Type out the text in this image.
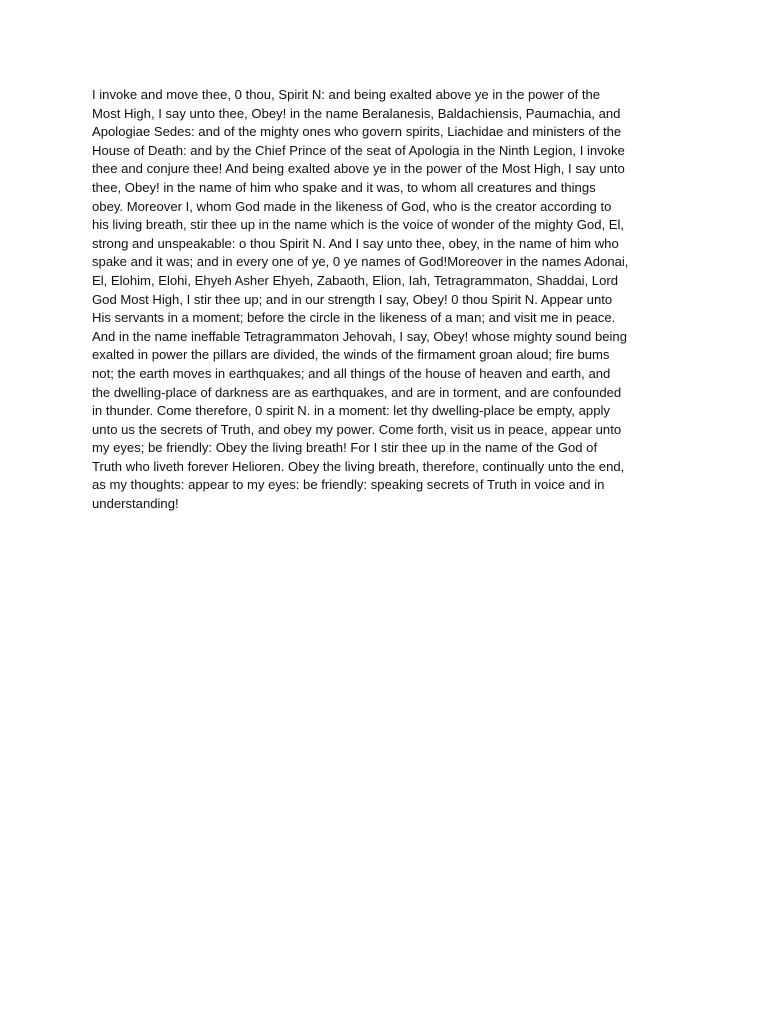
I invoke and move thee, 0 thou, Spirit N: and being exalted above ye in the power of the
Most High, I say unto thee, Obey! in the name Beralanesis, Baldachiensis, Paumachia, and
Apologiae Sedes: and of the mighty ones who govern spirits, Liachidae and ministers of the
House of Death: and by the Chief Prince of the seat of Apologia in the Ninth Legion, I invoke
thee and conjure thee! And being exalted above ye in the power of the Most High, I say unto
thee, Obey! in the name of him who spake and it was, to whom all creatures and things
obey. Moreover I, whom God made in the likeness of God, who is the creator according to
his living breath, stir thee up in the name which is the voice of wonder of the mighty God, El,
strong and unspeakable: o thou Spirit N. And I say unto thee, obey, in the name of him who
spake and it was; and in every one of ye, 0 ye names of God!Moreover in the names Adonai,
El, Elohim, Elohi, Ehyeh Asher Ehyeh, Zabaoth, Elion, Iah, Tetragrammaton, Shaddai, Lord
God Most High, I stir thee up; and in our strength I say, Obey! 0 thou Spirit N. Appear unto
His servants in a moment; before the circle in the likeness of a man; and visit me in peace.
And in the name ineffable Tetragrammaton Jehovah, I say, Obey! whose mighty sound being
exalted in power the pillars are divided, the winds of the firmament groan aloud; fire bums
not; the earth moves in earthquakes; and all things of the house of heaven and earth, and
the dwelling-place of darkness are as earthquakes, and are in torment, and are confounded
in thunder. Come therefore, 0 spirit N. in a moment: let thy dwelling-place be empty, apply
unto us the secrets of Truth, and obey my power. Come forth, visit us in peace, appear unto
my eyes; be friendly: Obey the living breath! For I stir thee up in the name of the God of
Truth who liveth forever Helioren. Obey the living breath, therefore, continually unto the end,
as my thoughts: appear to my eyes: be friendly: speaking secrets of Truth in voice and in
understanding!
